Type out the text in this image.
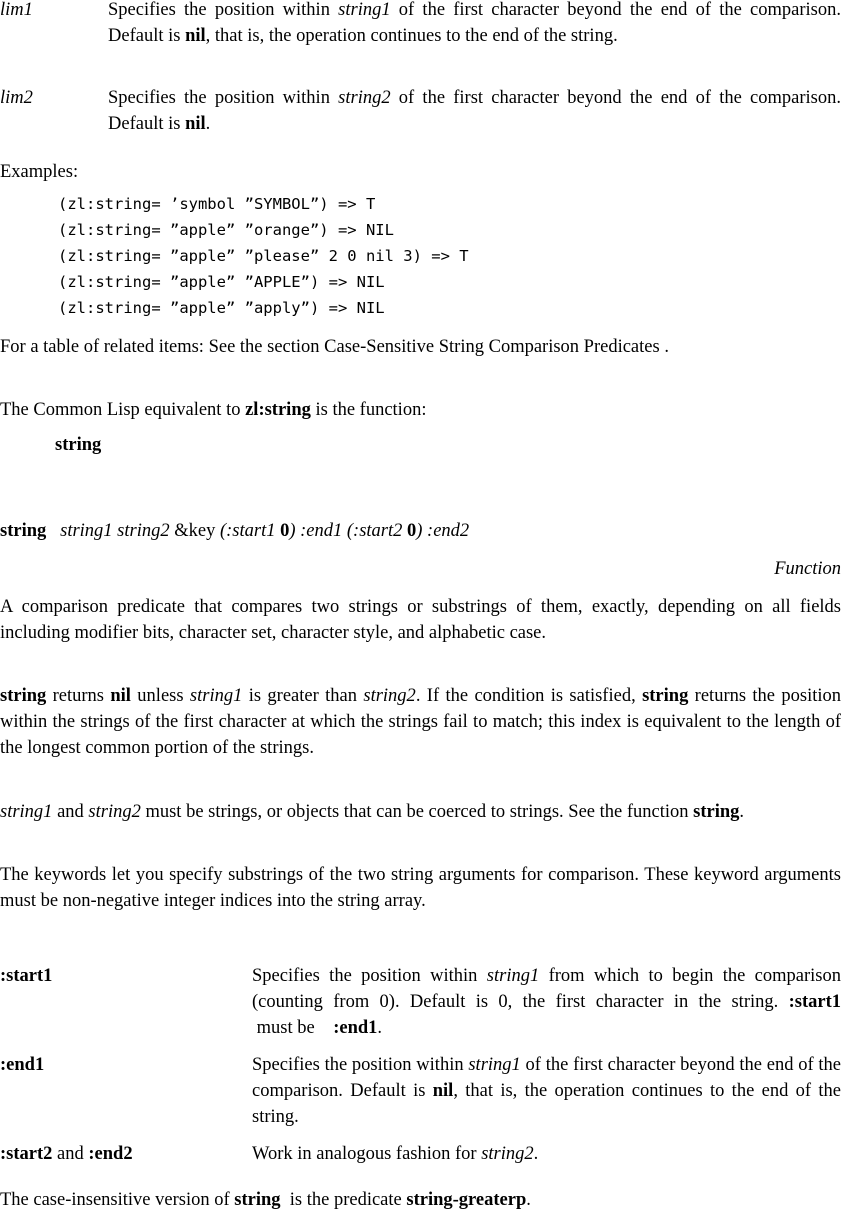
lim1	Specifies the position within string1 of the first character beyond the end of the comparison. Default is nil, that is, the operation continues to the end of the string.
lim2	Specifies the position within string2 of the first character beyond the end of the comparison. Default is nil.
Examples:
(zl:string= ’symbol ”SYMBOL”) => T
(zl:string= ”apple” ”orange”) => NIL
(zl:string= ”apple” ”please” 2 0 nil 3) => T
(zl:string= ”apple” ”APPLE”) => NIL
(zl:string= ”apple” ”apply”) => NIL
For a table of related items: See the section Case-Sensitive String Comparison Predicates .
The Common Lisp equivalent to zl:string is the function:
string
string string1 string2 &key (:start1 0) :end1 (:start2 0) :end2
Function
A comparison predicate that compares two strings or substrings of them, exactly, depending on all fields including modifier bits, character set, character style, and alphabetic case.
string returns nil unless string1 is greater than string2. If the condition is satisfied, string returns the position within the strings of the first character at which the strings fail to match; this index is equivalent to the length of the longest common portion of the strings.
string1 and string2 must be strings, or objects that can be coerced to strings. See the function string.
The keywords let you specify substrings of the two string arguments for comparison. These keyword arguments must be non-negative integer indices into the string array.
:start1	Specifies the position within string1 from which to begin the comparison (counting from 0). Default is 0, the first character in the string. :start1 must be    :end1.
:end1	Specifies the position within string1 of the first character beyond the end of the comparison. Default is nil, that is, the operation continues to the end of the string.
:start2 and :end2	Work in analogous fashion for string2.
The case-insensitive version of string  is the predicate string-greaterp.
